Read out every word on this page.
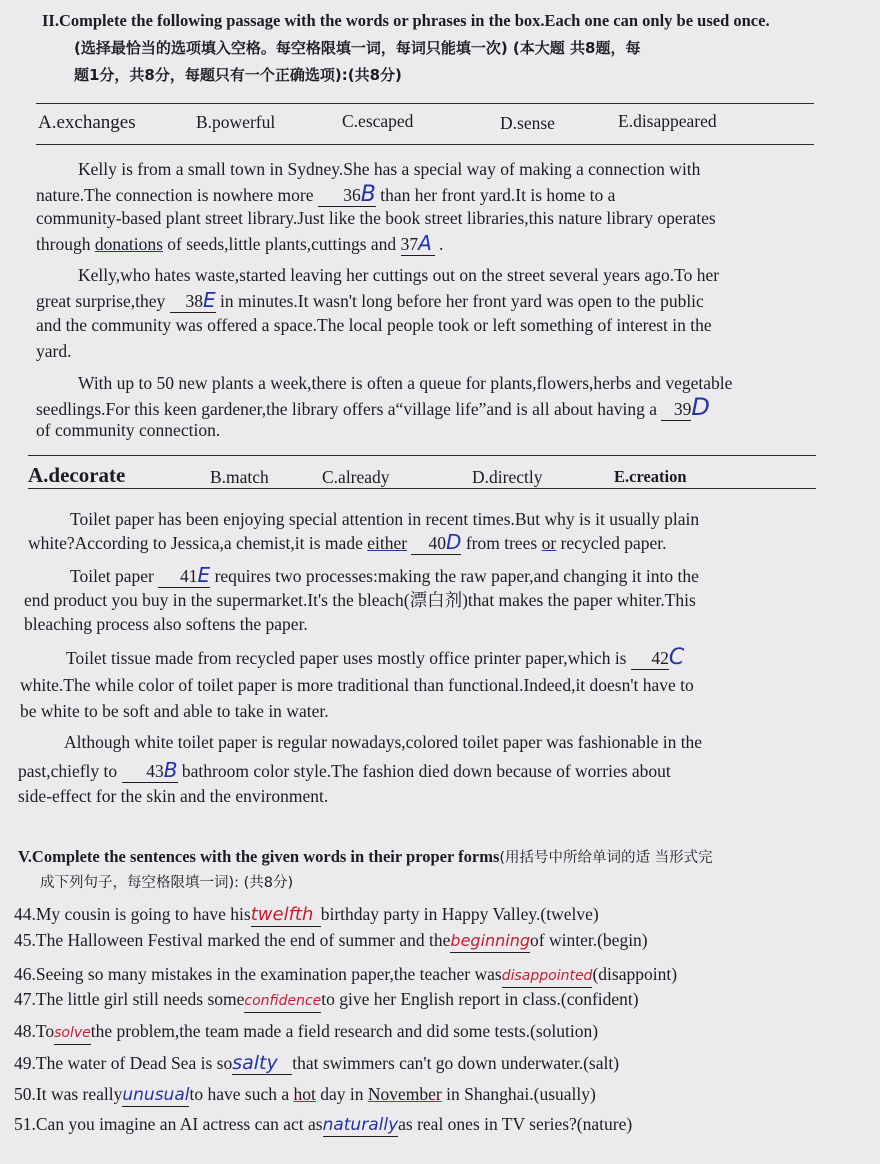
II.Complete the following passage with the words or phrases in the box.Each one can only be used once.
(选择最恰当的选项填入空格。每空格限填一词，每词只能填一次) (本大题 共8题，每
题1分，共8分，每题只有一个正确选项):(共8分)
A.exchanges	B.powerful	C.escaped	D.sense	E.disappeared
Kelly is from a small town in Sydney.She has a special way of making a connection with
nature.The connection is nowhere more 36B than her front yard.It is home to a
community-based plant street library.Just like the book street libraries,this nature library operates
through donations of seeds,little plants,cuttings and 37A .
Kelly,who hates waste,started leaving her cuttings out on the street several years ago.To her
great surprise,they 38E in minutes.It wasn't long before her front yard was open to the public
and the community was offered a space.The local people took or left something of interest in the
yard.
With up to 50 new plants a week,there is often a queue for plants,flowers,herbs and vegetable
seedlings.For this keen gardener,the library offers a“village life”and is all about having a 39D
of community connection.
A.decorate	B.match	C.already	D.directly	E.creation
Toilet paper has been enjoying special attention in recent times.But why is it usually plain
white?According to Jessica,a chemist,it is made either 40D from trees or recycled paper.
Toilet paper 41E requires two processes:making the raw paper,and changing it into the
end product you buy in the supermarket.It's the bleach(漂白剂)that makes the paper whiter.This
bleaching process also softens the paper.
Toilet tissue made from recycled paper uses mostly office printer paper,which is 42C
white.The while color of toilet paper is more traditional than functional.Indeed,it doesn't have to
be white to be soft and able to take in water.
Although white toilet paper is regular nowadays,colored toilet paper was fashionable in the
past,chiefly to 43B bathroom color style.The fashion died down because of worries about
side-effect for the skin and the environment.
V.Complete the sentences with the given words in their proper forms(用括号中所给单词的适 当形式完
成下列句子，每空格限填一词): (共8分)
44.My cousin is going to have histwelfth birthday party in Happy Valley.(twelve)
45.The Halloween Festival marked the end of summer and thebeginningof winter.(begin)
46.Seeing so many mistakes in the examination paper,the teacher wasdisappointed(disappoint)
47.The little girl still needs someconfidenceto give her English report in class.(confident)
48.Tosolvethe problem,the team made a field research and did some tests.(solution)
49.The water of Dead Sea is sosalty that swimmers can't go down underwater.(salt)
50.It was reallyunusualto have such a hot day in November in Shanghai.(usually)
51.Can you imagine an AI actress can act asnaturallyas real ones in TV series?(nature)
